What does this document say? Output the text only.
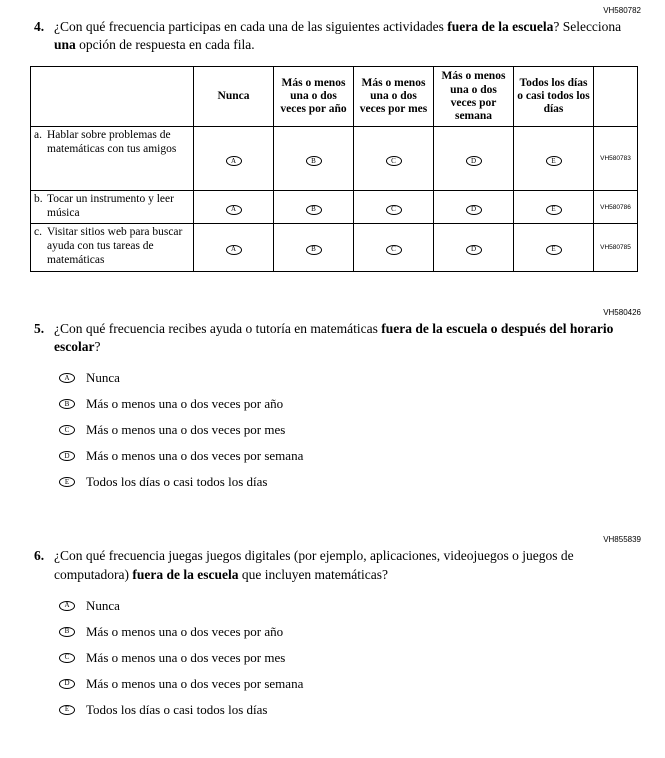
VH580782
4. ¿Con qué frecuencia participas en cada una de las siguientes actividades fuera de la escuela? Selecciona una opción de respuesta en cada fila.
	Nunca	Más o menos una o dos veces por año	Más o menos una o dos veces por mes	Más o menos una o dos veces por semana	Todos los días o casi todos los días	

a. Hablar sobre problemas de matemáticas con tus amigos	A	B	C	D	E	VH580783

b. Tocar un instrumento y leer música	A	B	C	D	E	VH580786

c. Visitar sitios web para buscar ayuda con tus tareas de matemáticas	A	B	C	D	E	VH580785
VH580426
5. ¿Con qué frecuencia recibes ayuda o tutoría en matemáticas fuera de la escuela o después del horario escolar?
A	Nunca
B	Más o menos una o dos veces por año
C	Más o menos una o dos veces por mes
D	Más o menos una o dos veces por semana
E	Todos los días o casi todos los días
VH855839
6. ¿Con qué frecuencia juegas juegos digitales (por ejemplo, aplicaciones, videojuegos o juegos de computadora) fuera de la escuela que incluyen matemáticas?
A	Nunca
B	Más o menos una o dos veces por año
C	Más o menos una o dos veces por mes
D	Más o menos una o dos veces por semana
E	Todos los días o casi todos los días
